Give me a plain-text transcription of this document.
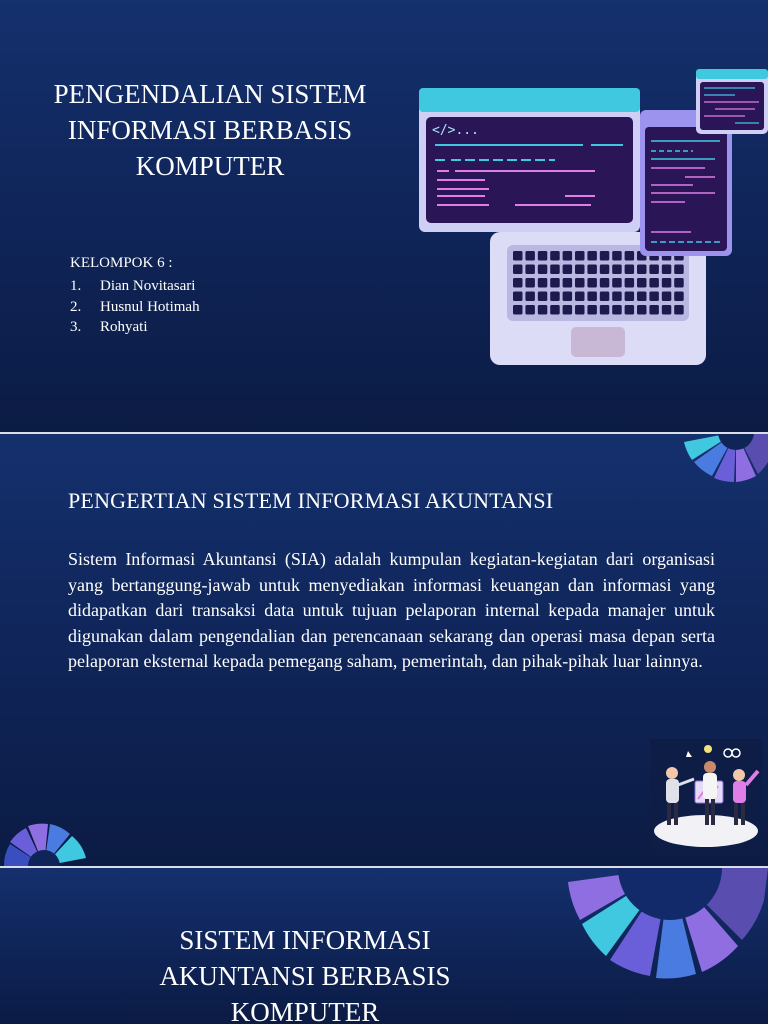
PENGENDALIAN SISTEM INFORMASI BERBASIS KOMPUTER
KELOMPOK 6 :
1.	Dian Novitasari
2.	Husnul Hotimah
3.	Rohyati
</>...
PENGERTIAN SISTEM INFORMASI AKUNTANSI

Sistem Informasi Akuntansi (SIA) adalah kumpulan kegiatan-kegiatan dari organisasi yang bertanggung-jawab untuk menyediakan informasi keuangan dan informasi yang didapatkan dari transaksi data untuk tujuan pelaporan internal kepada manajer untuk digunakan dalam pengendalian dan perencanaan sekarang dan operasi masa depan serta pelaporan eksternal kepada pemegang saham, pemerintah, dan pihak-pihak luar lainnya.

SISTEM INFORMASI AKUNTANSI BERBASIS KOMPUTER
